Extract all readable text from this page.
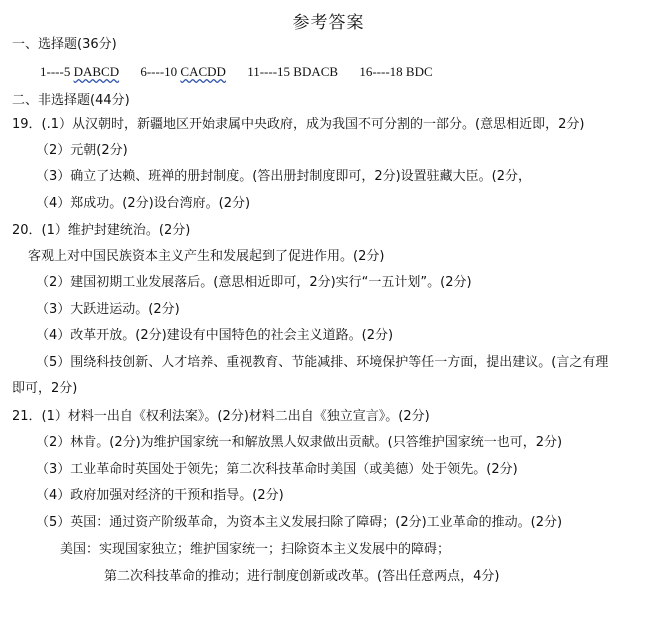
参考答案
一、选择题(36分)
1----5 DABCD 6----10 CACDD 11----15 BDACB 16----18 BDC
二、非选择题(44分)
19．(.1）从汉朝时，新疆地区开始隶属中央政府，成为我国不可分割的一部分。(意思相近即，2分)
（2）元朝(2分)
（3）确立了达赖、班禅的册封制度。(答出册封制度即可，2分)设置驻藏大臣。(2分，
（4）郑成功。(2分)设台湾府。(2分)
20．(1）维护封建统治。(2分)
客观上对中国民族资本主义产生和发展起到了促进作用。(2分)
（2）建国初期工业发展落后。(意思相近即可，2分)实行“一五计划”。(2分)
（3）大跃进运动。(2分)
（4）改革开放。(2分)建设有中国特色的社会主义道路。(2分)
（5）围绕科技创新、人才培养、重视教育、节能减排、环境保护等任一方面，提出建议。(言之有理
即可，2分)
21．(1）材料一出自《权利法案》。(2分)材料二出自《独立宣言》。(2分)
（2）林肯。(2分)为维护国家统一和解放黑人奴隶做出贡献。(只答维护国家统一也可，2分)
（3）工业革命时英国处于领先；第二次科技革命时美国（或美德）处于领先。(2分)
（4）政府加强对经济的干预和指导。(2分)
（5）英国：通过资产阶级革命，为资本主义发展扫除了障碍；(2分)工业革命的推动。(2分)
美国：实现国家独立；维护国家统一；扫除资本主义发展中的障碍；
第二次科技革命的推动；进行制度创新或改革。(答出任意两点，4分)
